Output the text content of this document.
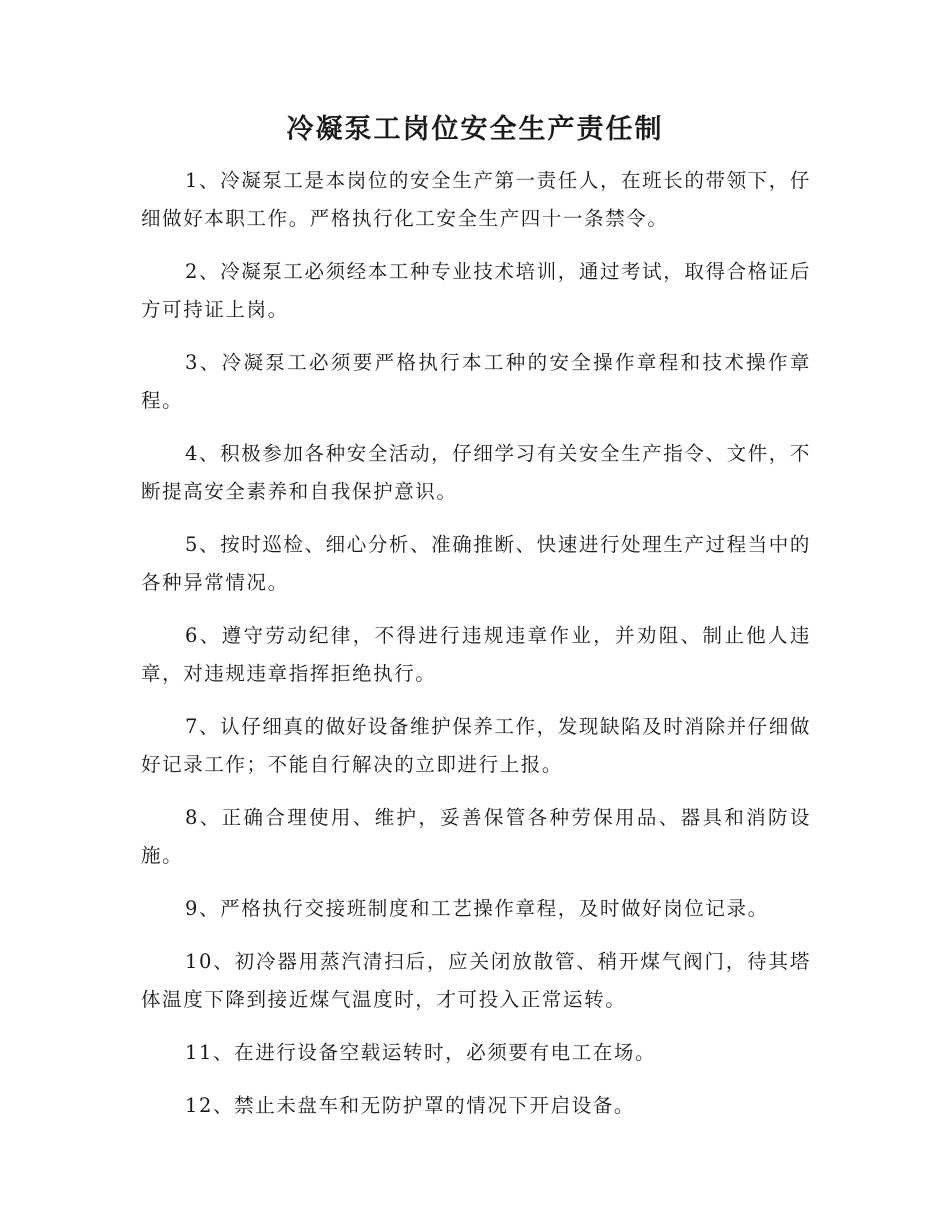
冷凝泵工岗位安全生产责任制

1、冷凝泵工是本岗位的安全生产第一责任人，在班长的带领下，仔细做好本职工作。严格执行化工安全生产四十一条禁令。

2、冷凝泵工必须经本工种专业技术培训，通过考试，取得合格证后方可持证上岗。

3、冷凝泵工必须要严格执行本工种的安全操作章程和技术操作章程。

4、积极参加各种安全活动，仔细学习有关安全生产指令、文件，不断提高安全素养和自我保护意识。

5、按时巡检、细心分析、准确推断、快速进行处理生产过程当中的各种异常情况。

6、遵守劳动纪律，不得进行违规违章作业，并劝阻、制止他人违章，对违规违章指挥拒绝执行。

7、认仔细真的做好设备维护保养工作，发现缺陷及时消除并仔细做好记录工作；不能自行解决的立即进行上报。

8、正确合理使用、维护，妥善保管各种劳保用品、器具和消防设施。

9、严格执行交接班制度和工艺操作章程，及时做好岗位记录。

10、初冷器用蒸汽清扫后，应关闭放散管、稍开煤气阀门，待其塔体温度下降到接近煤气温度时，才可投入正常运转。

11、在进行设备空载运转时，必须要有电工在场。

12、禁止未盘车和无防护罩的情况下开启设备。
